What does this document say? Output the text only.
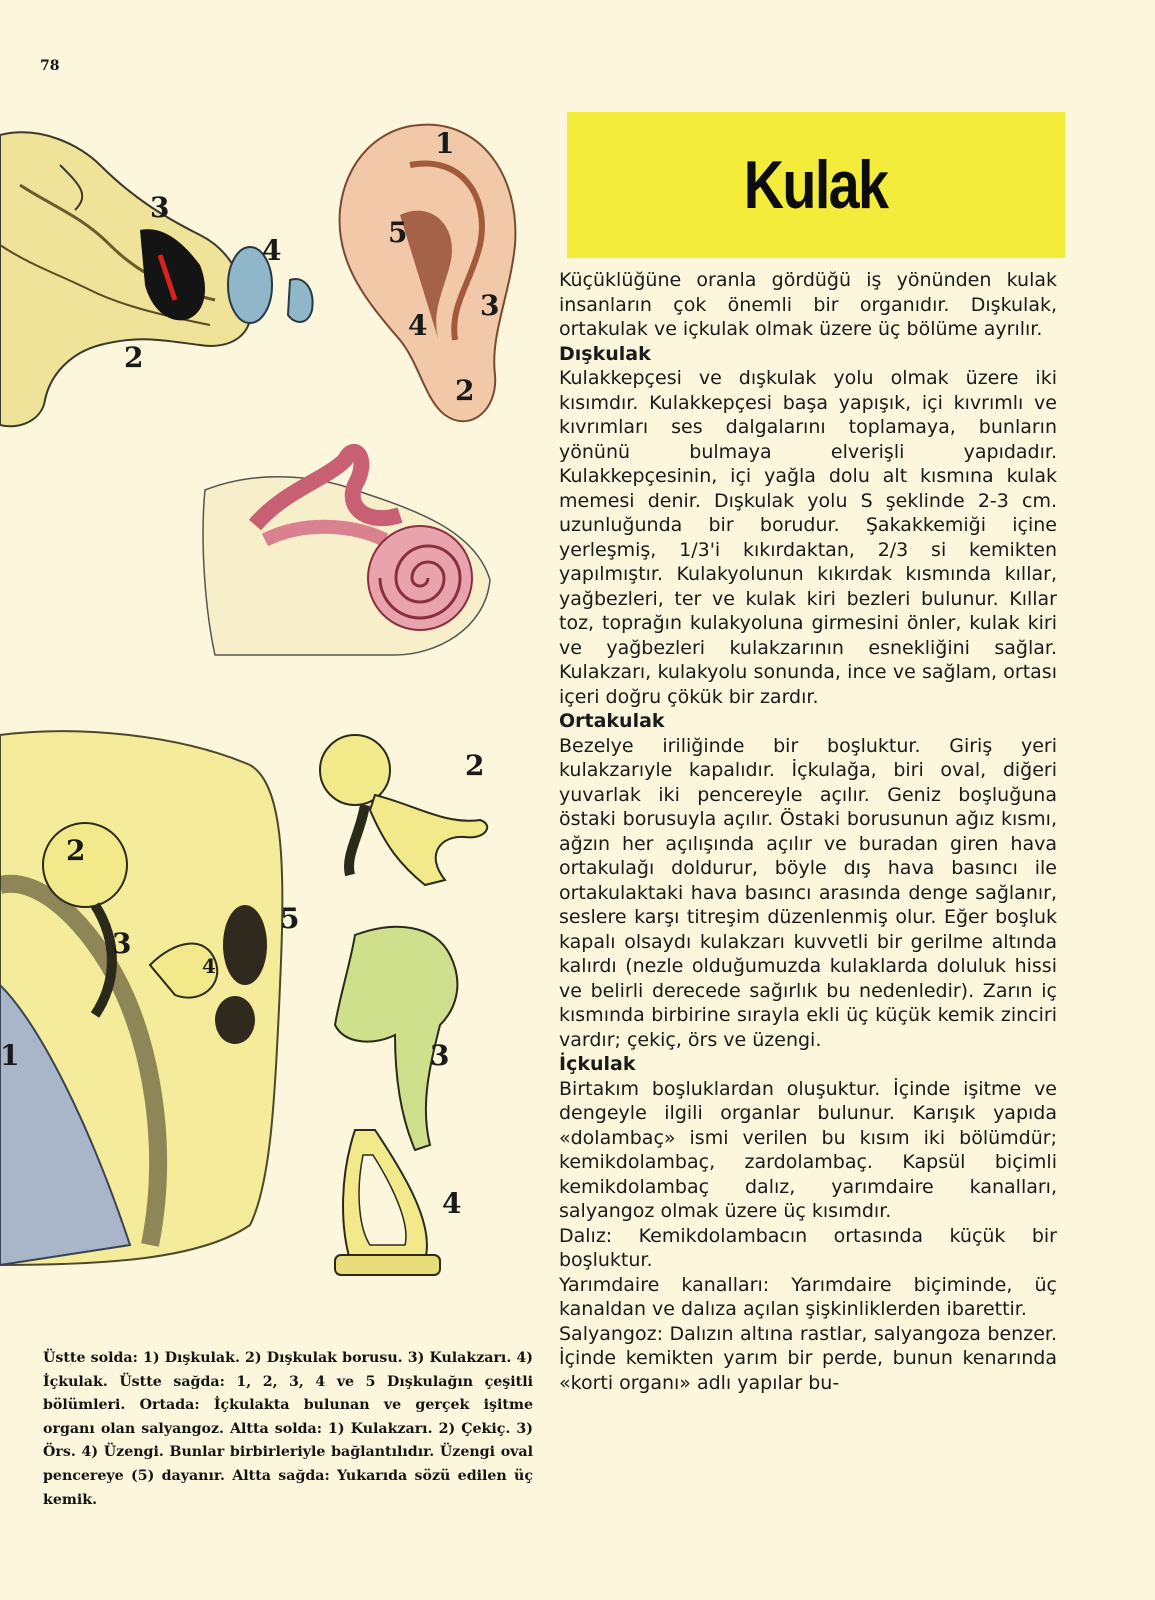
78
3
4
2
1
5
3
4
2
2
3
4
5
1
2
3
4
Kulak

Küçüklüğüne oranla gördüğü iş yönünden kulak insanların çok önemli bir organıdır. Dışkulak, ortakulak ve içkulak olmak üzere üç bölüme ayrılır.

Dışkulak

Kulakkepçesi ve dışkulak yolu olmak üzere iki kısımdır. Kulakkepçesi başa yapışık, içi kıvrımlı ve kıvrımları ses dalgalarını toplamaya, bunların yönünü bulmaya elverişli yapıdadır. Kulakkepçesinin, içi yağla dolu alt kısmına kulak memesi denir. Dışkulak yolu S şeklinde 2-3 cm. uzunluğunda bir borudur. Şakakkemiği içine yerleşmiş, 1/3'i kıkırdaktan, 2/3 si kemikten yapılmıştır. Kulakyolunun kıkırdak kısmında kıllar, yağbezleri, ter ve kulak kiri bezleri bulunur. Kıllar toz, toprağın kulakyoluna girmesini önler, kulak kiri ve yağbezleri kulakzarının esnekliğini sağlar. Kulakzarı, kulakyolu sonunda, ince ve sağlam, ortası içeri doğru çökük bir zardır.

Ortakulak

Bezelye iriliğinde bir boşluktur. Giriş yeri kulakzarıyle kapalıdır. İçkulağa, biri oval, diğeri yuvarlak iki pencereyle açılır. Geniz boşluğuna östaki borusuyla açılır. Östaki borusunun ağız kısmı, ağzın her açılışında açılır ve buradan giren hava ortakulağı doldurur, böyle dış hava basıncı ile ortakulaktaki hava basıncı arasında denge sağlanır, seslere karşı titreşim düzenlenmiş olur. Eğer boşluk kapalı olsaydı kulakzarı kuvvetli bir gerilme altında kalırdı (nezle olduğumuzda kulaklarda doluluk hissi ve belirli derecede sağırlık bu nedenledir). Zarın iç kısmında birbirine sırayla ekli üç küçük kemik zinciri vardır; çekiç, örs ve üzengi.

İçkulak

Birtakım boşluklardan oluşuktur. İçinde işitme ve dengeyle ilgili organlar bulunur. Karışık yapıda «dolambaç» ismi verilen bu kısım iki bölümdür; kemikdolambaç, zardolambaç. Kapsül biçimli kemikdolambaç dalız, yarımdaire kanalları, salyangoz olmak üzere üç kısımdır.

Dalız: Kemikdolambacın ortasında küçük bir boşluktur.

Yarımdaire kanalları: Yarımdaire biçiminde, üç kanaldan ve dalıza açılan şişkinliklerden ibarettir.

Salyangoz: Dalızın altına rastlar, salyangoza benzer. İçinde kemikten yarım bir perde, bunun kenarında «korti organı» adlı yapılar bu-

Üstte solda: 1) Dışkulak. 2) Dışkulak borusu. 3) Kulakzarı. 4) İçkulak. Üstte sağda: 1, 2, 3, 4 ve 5 Dışkulağın çeşitli bölümleri. Ortada: İçkulakta bulunan ve gerçek işitme organı olan salyangoz. Altta solda: 1) Kulakzarı. 2) Çekiç. 3) Örs. 4) Üzengi. Bunlar birbirleriyle bağlantılıdır. Üzengi oval pencereye (5) dayanır. Altta sağda: Yukarıda sözü edilen üç kemik.
